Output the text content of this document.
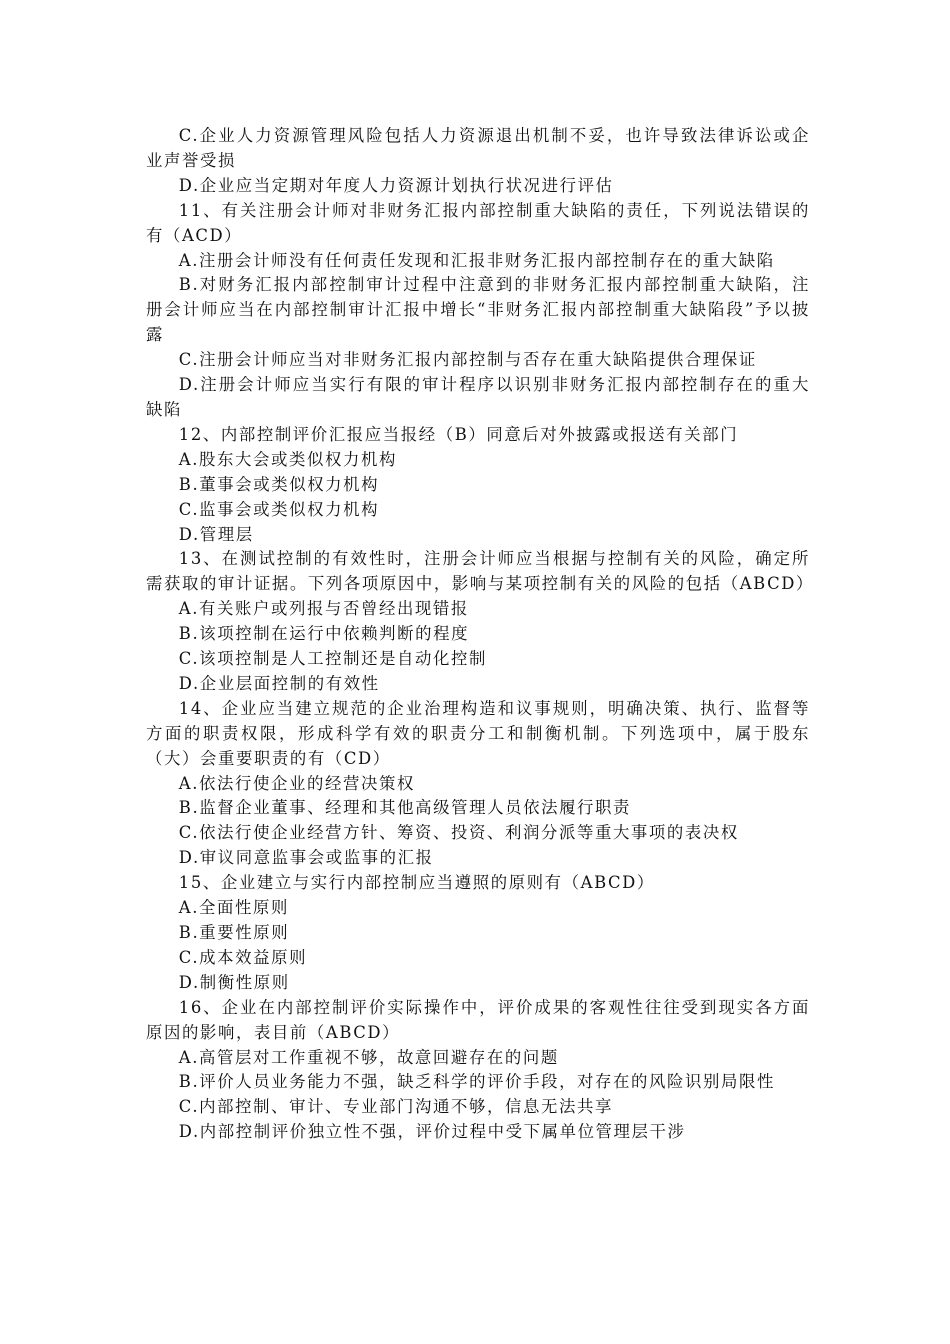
C.企业人力资源管理风险包括人力资源退出机制不妥，也许导致法律诉讼或企业声誉受损

D.企业应当定期对年度人力资源计划执行状况进行评估

11、有关注册会计师对非财务汇报内部控制重大缺陷的责任，下列说法错误的有（ACD）

A.注册会计师没有任何责任发现和汇报非财务汇报内部控制存在的重大缺陷

B.对财务汇报内部控制审计过程中注意到的非财务汇报内部控制重大缺陷，注册会计师应当在内部控制审计汇报中增长“非财务汇报内部控制重大缺陷段”予以披露

C.注册会计师应当对非财务汇报内部控制与否存在重大缺陷提供合理保证

D.注册会计师应当实行有限的审计程序以识别非财务汇报内部控制存在的重大缺陷

12、内部控制评价汇报应当报经（B）同意后对外披露或报送有关部门

A.股东大会或类似权力机构

B.董事会或类似权力机构

C.监事会或类似权力机构

D.管理层

13、在测试控制的有效性时，注册会计师应当根据与控制有关的风险，确定所需获取的审计证据。下列各项原因中，影响与某项控制有关的风险的包括（ABCD）

A.有关账户或列报与否曾经出现错报

B.该项控制在运行中依赖判断的程度

C.该项控制是人工控制还是自动化控制

D.企业层面控制的有效性

14、企业应当建立规范的企业治理构造和议事规则，明确决策、执行、监督等方面的职责权限，形成科学有效的职责分工和制衡机制。下列选项中，属于股东（大）会重要职责的有（CD）

A.依法行使企业的经营决策权

B.监督企业董事、经理和其他高级管理人员依法履行职责

C.依法行使企业经营方针、筹资、投资、利润分派等重大事项的表决权

D.审议同意监事会或监事的汇报

15、企业建立与实行内部控制应当遵照的原则有（ABCD）

A.全面性原则

B.重要性原则

C.成本效益原则

D.制衡性原则

16、企业在内部控制评价实际操作中，评价成果的客观性往往受到现实各方面原因的影响，表目前（ABCD）

A.高管层对工作重视不够，故意回避存在的问题

B.评价人员业务能力不强，缺乏科学的评价手段，对存在的风险识别局限性

C.内部控制、审计、专业部门沟通不够，信息无法共享

D.内部控制评价独立性不强，评价过程中受下属单位管理层干涉
